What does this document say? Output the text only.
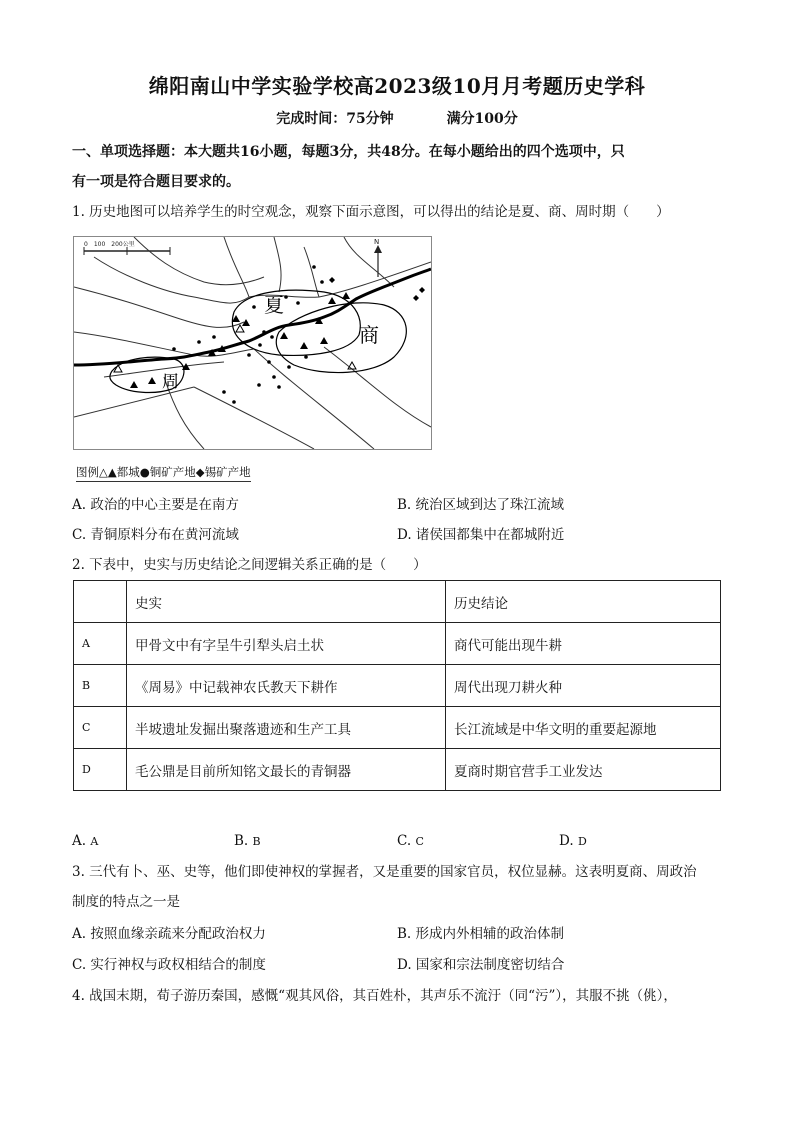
绵阳南山中学实验学校高2023级10月月考题历史学科
完成时间：75分钟	满分100分
一、单项选择题：本大题共16小题，每题3分，共48分。在每小题给出的四个选项中，只
有一项是符合题目要求的。
1. 历史地图可以培养学生的时空观念，观察下面示意图，可以得出的结论是夏、商、周时期（　　）
0　100　200公里	N
夏
商
周
图例△▲都城●铜矿产地◆锡矿产地
A. 政治的中心主要是在南方	B. 统治区域到达了珠江流域
C. 青铜原料分布在黄河流域	D. 诸侯国都集中在都城附近
2. 下表中，史实与历史结论之间逻辑关系正确的是（　　）
	史实	历史结论
A	甲骨文中有字呈牛引犁头启土状	商代可能出现牛耕
B	《周易》中记载神农氏教天下耕作	周代出现刀耕火种
C	半坡遗址发掘出聚落遗迹和生产工具	长江流域是中华文明的重要起源地
D	毛公鼎是目前所知铭文最长的青铜器	夏商时期官营手工业发达
A. A	B. B	C. C	D. D
3. 三代有卜、巫、史等，他们即使神权的掌握者，又是重要的国家官员，权位显赫。这表明夏商、周政治
制度的特点之一是
A. 按照血缘亲疏来分配政治权力	B. 形成内外相辅的政治体制
C. 实行神权与政权相结合的制度	D. 国家和宗法制度密切结合
4. 战国末期，荀子游历秦国，感慨“观其风俗，其百姓朴，其声乐不流汙（同“污”），其服不挑（佻），
